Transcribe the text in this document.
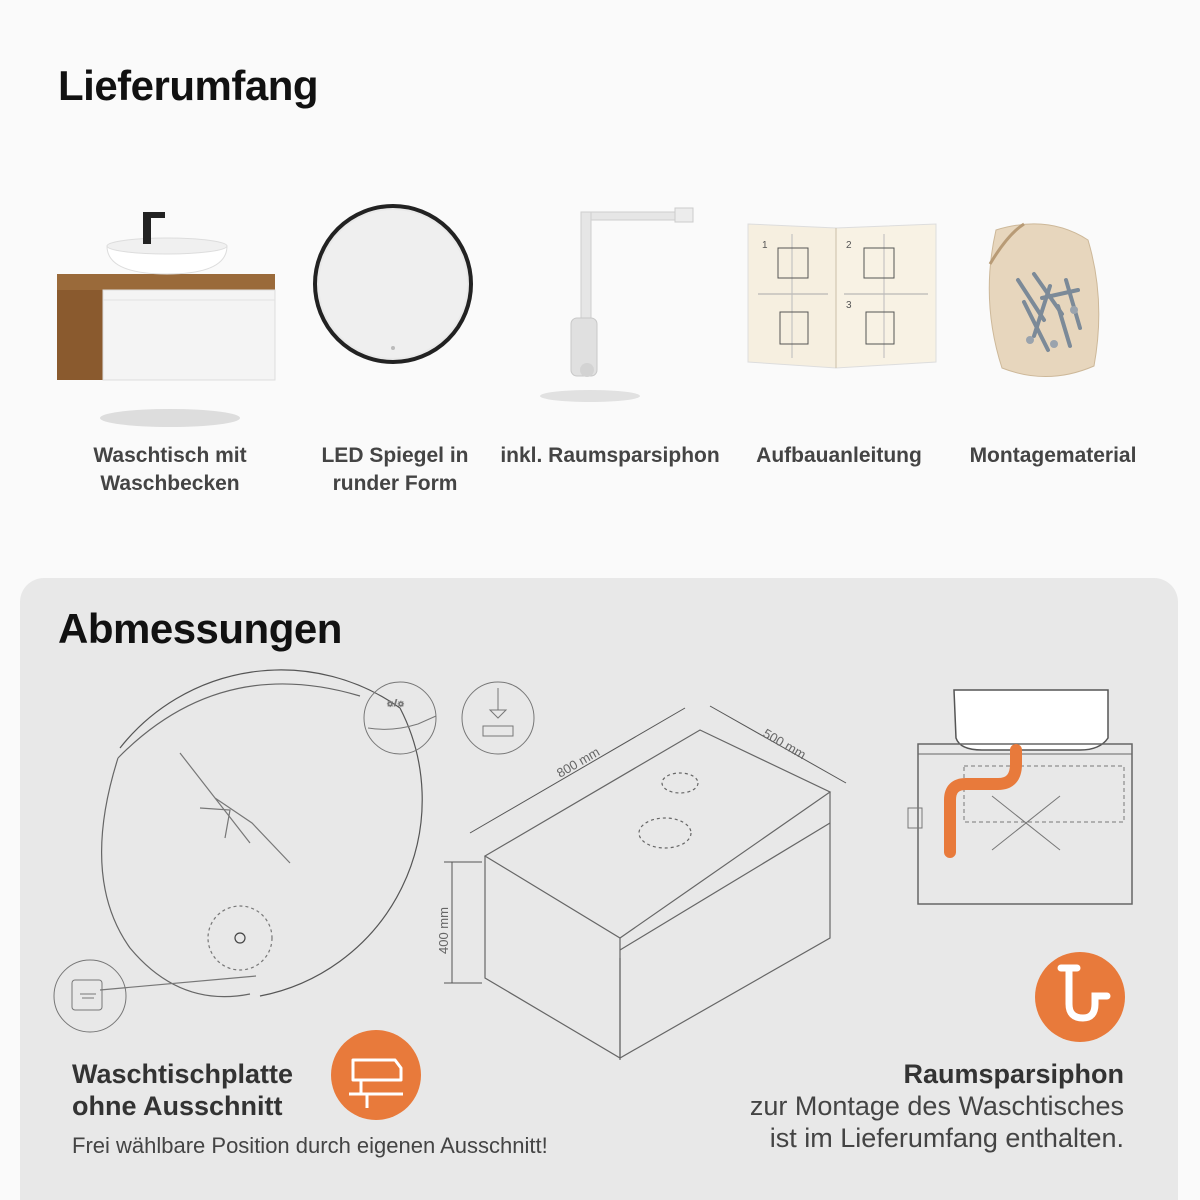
Lieferumfang
Waschtisch mit
Waschbecken
LED Spiegel in
runder Form
inkl. Raumsparsiphon
1	2
3
Aufbauanleitung	Montagematerial
Abmessungen
☼/☼
800 mm
500 mm
400 mm
Waschtischplatte
ohne Ausschnitt
Frei wählbare Position durch eigenen Ausschnitt!
Raumsparsiphon
zur Montage des Waschtisches
ist im Lieferumfang enthalten.
